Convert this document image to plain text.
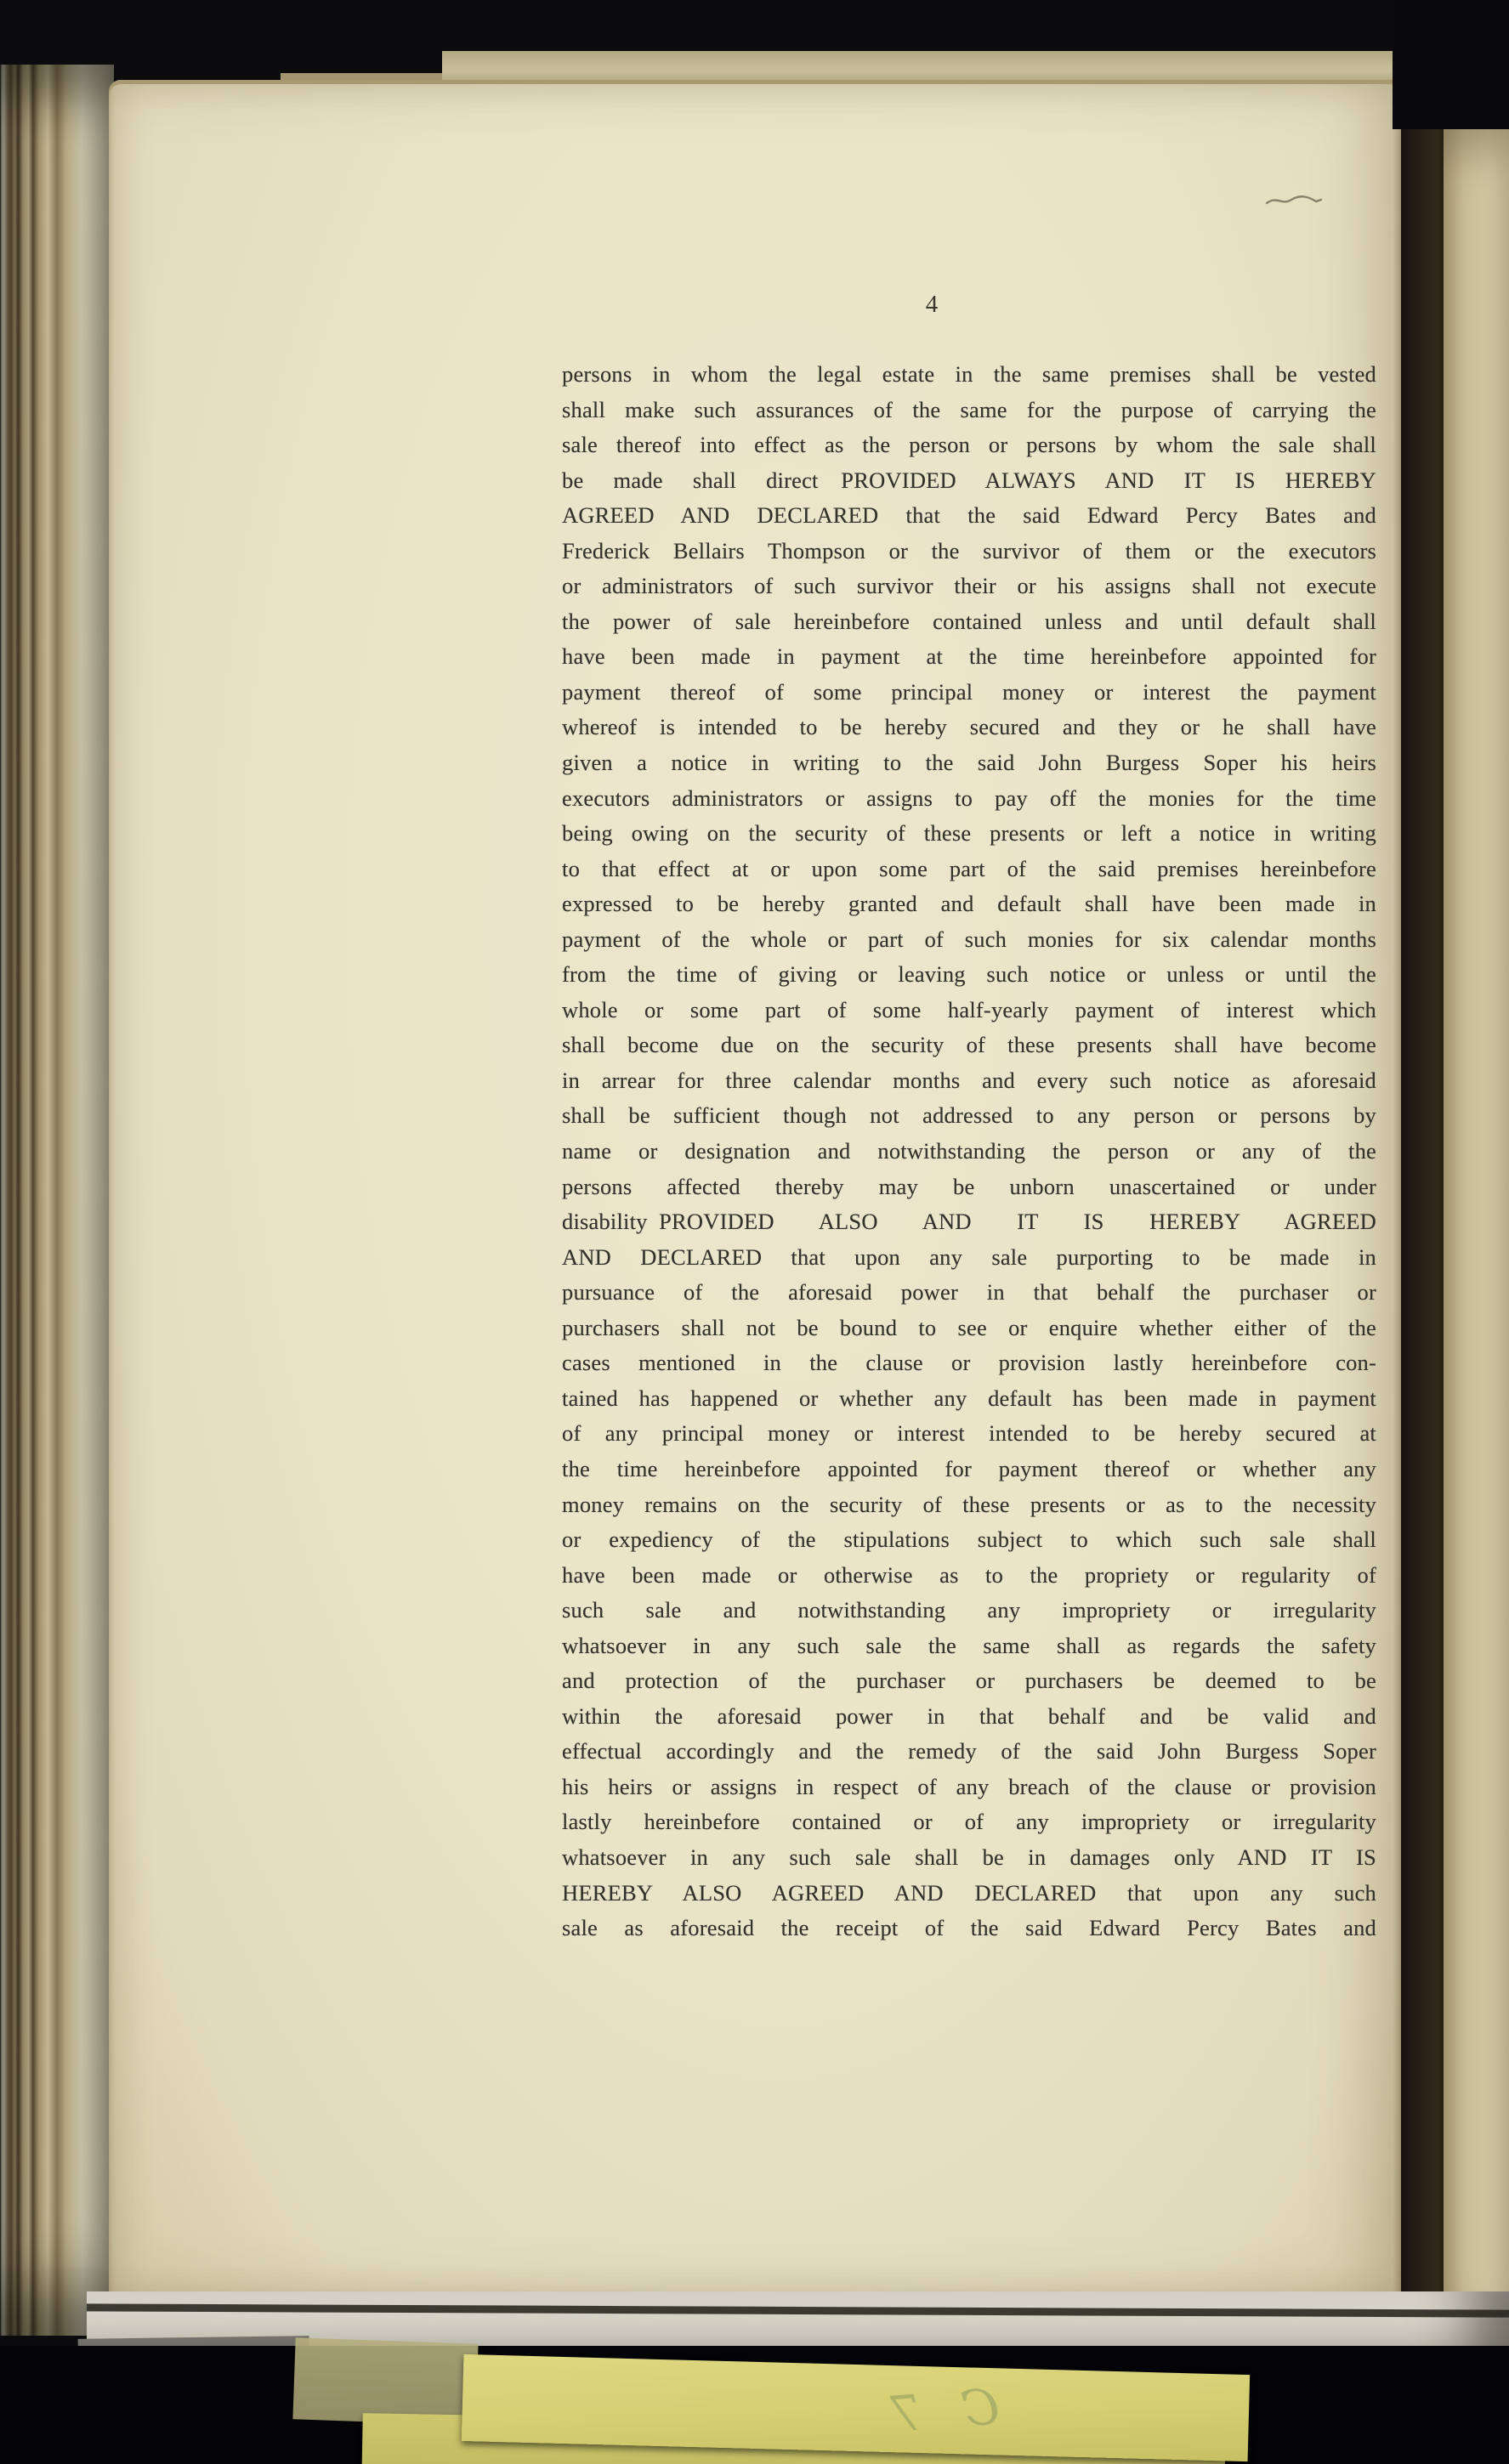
4
persons in whom the legal estate in the same premises shall be vested
shall make such assurances of the same for the purpose of carrying the
sale thereof into effect as the person or persons by whom the sale shall
be made shall direct PROVIDED ALWAYS AND IT IS HEREBY
AGREED AND DECLARED that the said Edward Percy Bates and
Frederick Bellairs Thompson or the survivor of them or the executors
or administrators of such survivor their or his assigns shall not execute
the power of sale hereinbefore contained unless and until default shall
have been made in payment at the time hereinbefore appointed for
payment thereof of some principal money or interest the payment
whereof is intended to be hereby secured and they or he shall have
given a notice in writing to the said John Burgess Soper his heirs
executors administrators or assigns to pay off the monies for the time
being owing on the security of these presents or left a notice in writing
to that effect at or upon some part of the said premises hereinbefore
expressed to be hereby granted and default shall have been made in
payment of the whole or part of such monies for six calendar months
from the time of giving or leaving such notice or unless or until the
whole or some part of some half-yearly payment of interest which
shall become due on the security of these presents shall have become
in arrear for three calendar months and every such notice as aforesaid
shall be sufficient though not addressed to any person or persons by
name or designation and notwithstanding the person or any of the
persons affected thereby may be unborn unascertained or under
disability PROVIDED ALSO AND IT IS HEREBY AGREED
AND DECLARED that upon any sale purporting to be made in
pursuance of the aforesaid power in that behalf the purchaser or
purchasers shall not be bound to see or enquire whether either of the
cases mentioned in the clause or provision lastly hereinbefore con-
tained has happened or whether any default has been made in payment
of any principal money or interest intended to be hereby secured at
the time hereinbefore appointed for payment thereof or whether any
money remains on the security of these presents or as to the necessity
or expediency of the stipulations subject to which such sale shall
have been made or otherwise as to the propriety or regularity of
such sale and notwithstanding any impropriety or irregularity
whatsoever in any such sale the same shall as regards the safety
and protection of the purchaser or purchasers be deemed to be
within the aforesaid power in that behalf and be valid and
effectual accordingly and the remedy of the said John Burgess Soper
his heirs or assigns in respect of any breach of the clause or provision
lastly hereinbefore contained or of any impropriety or irregularity
whatsoever in any such sale shall be in damages only AND IT IS
HEREBY ALSO AGREED AND DECLARED that upon any such
sale as aforesaid the receipt of the said Edward Percy Bates and
C 7
